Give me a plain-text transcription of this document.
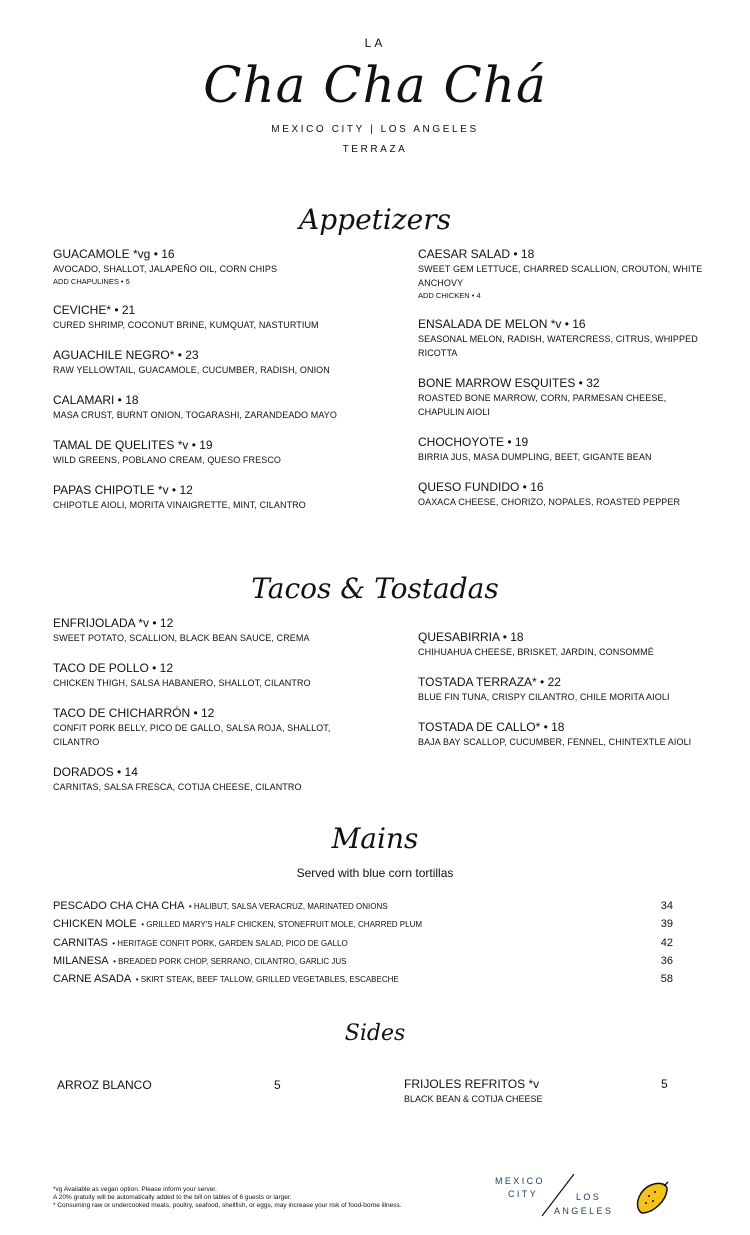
LA
Cha Cha Chá
MEXICO CITY | LOS ANGELES
TERRAZA
Appetizers
GUACAMOLE *vg • 16
AVOCADO, SHALLOT, JALAPEÑO OIL, CORN CHIPS
ADD CHAPULINES • 5
CEVICHE* • 21
CURED SHRIMP, COCONUT BRINE, KUMQUAT, NASTURTIUM
AGUACHILE NEGRO* • 23
RAW YELLOWTAIL, GUACAMOLE, CUCUMBER, RADISH, ONION
CALAMARI • 18
MASA CRUST, BURNT ONION, TOGARASHI, ZARANDEADO MAYO
TAMAL DE QUELITES *v • 19
WILD GREENS, POBLANO CREAM, QUESO FRESCO
PAPAS CHIPOTLE *v • 12
CHIPOTLE AIOLI, MORITA VINAIGRETTE, MINT, CILANTRO
CAESAR SALAD • 18
SWEET GEM LETTUCE, CHARRED SCALLION, CROUTON, WHITE ANCHOVY
ADD CHICKEN • 4
ENSALADA DE MELON *v • 16
SEASONAL MELON, RADISH, WATERCRESS, CITRUS, WHIPPED RICOTTA
BONE MARROW ESQUITES • 32
ROASTED BONE MARROW, CORN, PARMESAN CHEESE, CHAPULIN AIOLI
CHOCHOYOTE • 19
BIRRIA JUS, MASA DUMPLING, BEET, GIGANTE BEAN
QUESO FUNDIDO • 16
OAXACA CHEESE, CHORIZO, NOPALES, ROASTED PEPPER
Tacos & Tostadas
ENFRIJOLADA *v • 12
SWEET POTATO, SCALLION, BLACK BEAN SAUCE, CREMA
TACO DE POLLO • 12
CHICKEN THIGH, SALSA HABANERO, SHALLOT, CILANTRO
TACO DE CHICHARRÓN • 12
CONFIT PORK BELLY, PICO DE GALLO, SALSA ROJA, SHALLOT, CILANTRO
DORADOS • 14
CARNITAS, SALSA FRESCA, COTIJA CHEESE, CILANTRO
QUESABIRRIA • 18
CHIHUAHUA CHEESE, BRISKET, JARDIN, CONSOMMÉ
TOSTADA TERRAZA* • 22
BLUE FIN TUNA, CRISPY CILANTRO, CHILE MORITA AIOLI
TOSTADA DE CALLO* • 18
BAJA BAY SCALLOP, CUCUMBER, FENNEL, CHINTEXTLE AIOLI
Mains
Served with blue corn tortillas
PESCADO CHA CHA CHA • HALIBUT, SALSA VERACRUZ, MARINATED ONIONS	34
CHICKEN MOLE • GRILLED MARY'S HALF CHICKEN, STONEFRUIT MOLE, CHARRED PLUM	39
CARNITAS • HERITAGE CONFIT PORK, GARDEN SALAD, PICO DE GALLO	42
MILANESA • BREADED PORK CHOP, SERRANO, CILANTRO, GARLIC JUS	36
CARNE ASADA • SKIRT STEAK, BEEF TALLOW, GRILLED VEGETABLES, ESCABECHE	58
Sides
ARROZ BLANCO	5	FRIJOLES REFRITOS *v	5
BLACK BEAN & COTIJA CHEESE
*vg Available as vegan option. Please inform your server.
A 20% gratuity will be automatically added to the bill on tables of 6 guests or larger.
* Consuming raw or undercooked meats, poultry, seafood, shellfish, or eggs, may increase your risk of food-borne illness.
MEXICO
CITY	LOS
ANGELES
